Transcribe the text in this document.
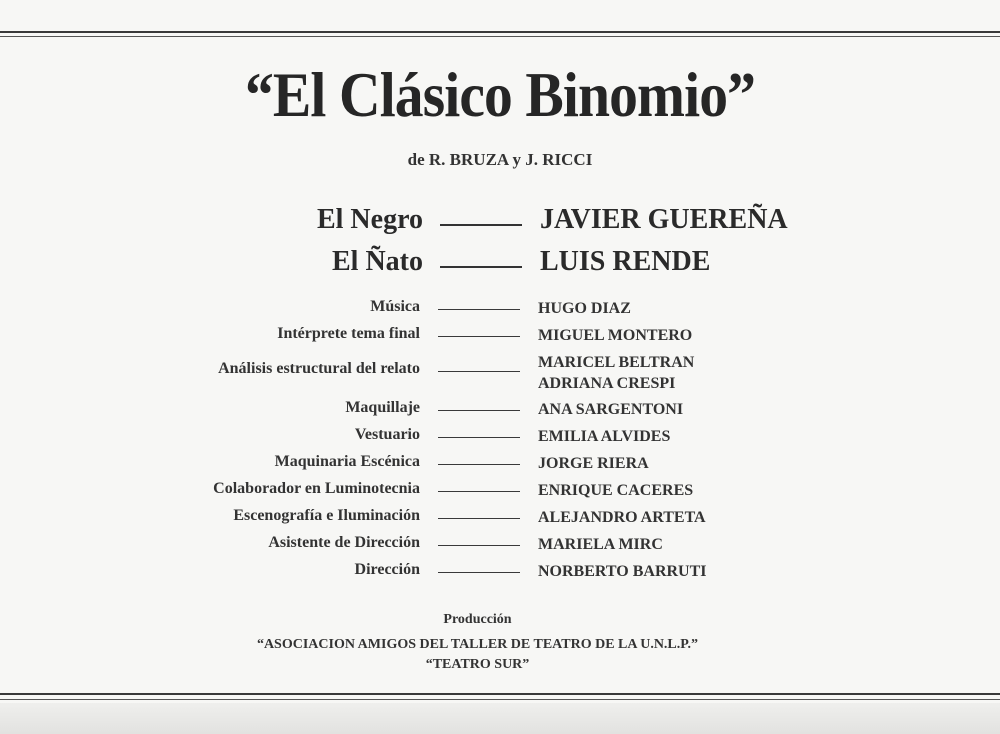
“El Clásico Binomio”
de R. BRUZA y J. RICCI
El Negro	JAVIER GUEREÑA
El Ñato	LUIS RENDE
Música	HUGO DIAZ
Intérprete tema final	MIGUEL MONTERO
Análisis estructural del relato	MARICEL BELTRAN
ADRIANA CRESPI
Maquillaje	ANA SARGENTONI
Vestuario	EMILIA ALVIDES
Maquinaria Escénica	JORGE RIERA
Colaborador en Luminotecnia	ENRIQUE CACERES
Escenografía e Iluminación	ALEJANDRO ARTETA
Asistente de Dirección	MARIELA MIRC
Dirección	NORBERTO BARRUTI
Producción
“ASOCIACION AMIGOS DEL TALLER DE TEATRO DE LA U.N.L.P.”
“TEATRO SUR”
